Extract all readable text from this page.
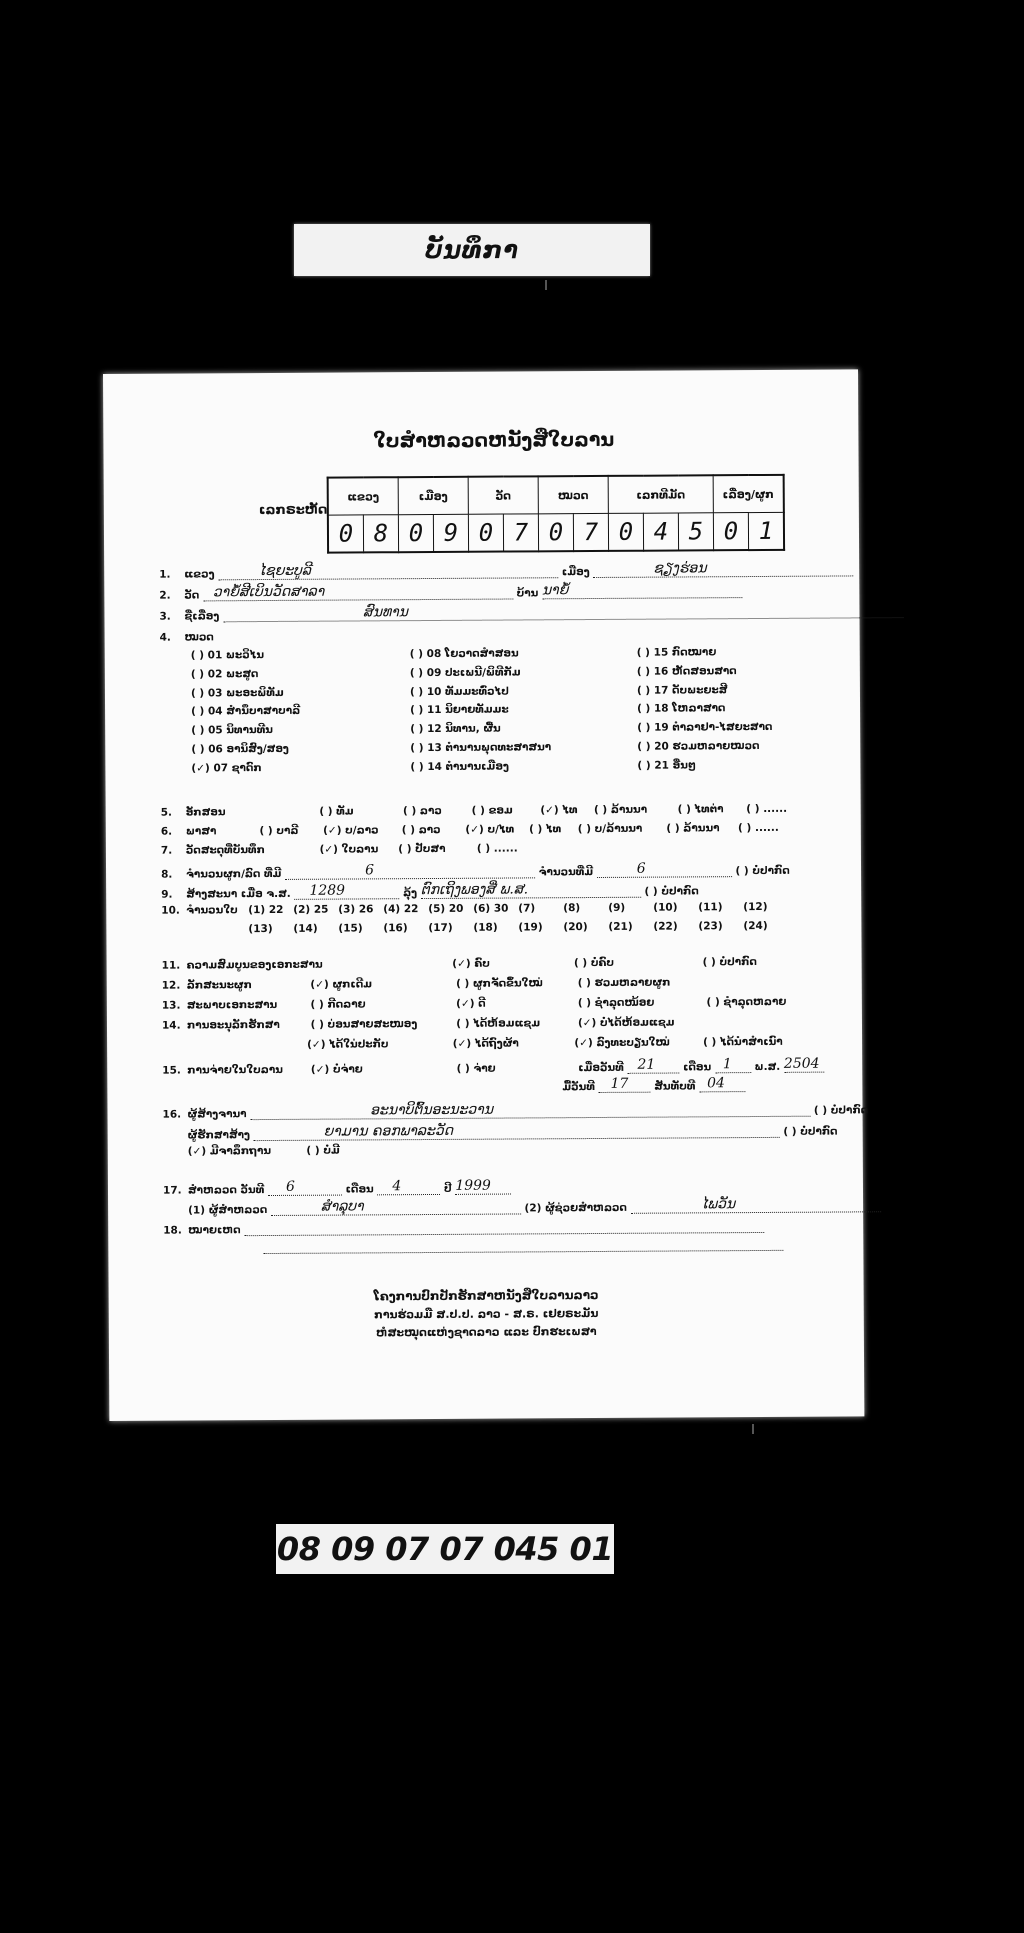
ບັນທຶກາ
ໃບສຳຫລວດຫນັງສືໃບລານ
ເລກຣະຫັດ
ແຂວງ		ເມືອງ		ວັດ		ໝວດ		ເລກທີມັດ			ເລື່ອງ/ຜູກ	
0	8	0	9	0	7	0	7	0	4	5	0	1
1. ແຂວງ	ໄຊຍະບູລີ	ເມືອງ	ຊຽງຮ່ອນ
2. ວັດ ວາຍໍ້ສີເບິນວັດສາລາ	ບ້ານ ນາຍໍ້
3. ຊື່ເລື່ອງ	ສົນທານ
4. ໝວດ
( ) 01 ພະວິໄນ	( ) 08 ໂຍວາດສຳສອນ	( ) 15 ກົດໝາຍ
( ) 02 ພະສູດ	( ) 09 ປະເພນີ/ພິທີກັມ	( ) 16 ຫັດສອນສາດ
( ) 03 ພະອະພິທັມ	( ) 10 ທັມມະທົ່ວໄປ	( ) 17 ດັບພະຍະສີ
( ) 04 ສຳນຶບາສາບາລີ	( ) 11 ນິຍາຍທັມມະ	( ) 18 ໂຫລາສາດ
( ) 05 ນິທານທີນ	( ) 12 ນິທານ, ຜື້ນ	( ) 19 ຕຳລາຢາ-ໄສຍະສາດ
( ) 06 ອານິສົງ/ສອງ	( ) 13 ຕຳນານພຸດທະສາສນາ	( ) 20 ຮວມຫລາຍໝວດ
(✓) 07 ຊາດົກ	( ) 14 ຕຳນານເມືອງ	( ) 21 ອື່ນໆ
5. ອັກສອນ	( ) ທັມ	( ) ລາວ	( ) ຂອມ	(✓) ໄທ ( ) ລ້ານນາ	( ) ໄທຕ່າ ( ) ......
6. ພາສາ	( ) ບາລີ (✓) ບ/ລາວ ( ) ລາວ (✓) ບ/ໄທ ( ) ໄທ ( ) ບ/ລ້ານນາ ( ) ລ້ານນາ ( ) ......
7. ວັດສະດຸທີ່ບັນທຶກ	(✓) ໃບລານ ( ) ປັບສາ	( ) ......
8. ຈຳນວນຜູກ/ລົດ ທີ່ມີ	6	ຈຳນວນທີ່ມີ	6	( ) ບໍ່ປາກົດ
9. ສ້າງສະນາ ເມື່ອ ຈ.ສ. 1289	ລຸ້ງ ຕົກເຖິງພອງສີ່ ພ.ສ.	( ) ບໍ່ປາກົດ
10. ຈຳນວນໃບ (1) 22 (2) 25 (3) 26 (4) 22 (5) 20 (6) 30 (7)	(8)	(9)	(10) (11) (12)
(13) (14) (15) (16) (17) (18) (19) (20) (21) (22) (23) (24)
11. ຄວາມສົມບູນຂອງເອກະສານ	(✓) ຄົບ	( ) ບໍ່ຄົບ	( ) ບໍ່ປາກົດ
12. ລັກສະນະຜູກ	(✓) ຜູກເດີມ	( ) ຜູກຈັດຂຶ້ນໃໝ່	( ) ຮວມຫລາຍຜູກ
13. ສະພາບເອກະສານ	( ) ກີດລາຍ	(✓) ດີ	( ) ຊຳລຸດໜ້ອຍ	( ) ຊຳລຸດຫລາຍ
14. ການອະນຸລັກຮັກສາ	( ) ບ່ອນສາຍສະໜອງ	( ) ໄດ້ຫ້ອມແຊມ	(✓) ບໍ່ໄດ້ຫ້ອມແຊມ
(✓) ໄດ້ໃນ່ປະກັບ	(✓) ໄດ້ຖົງຜ້າ	(✓) ລົງທະບຽນໃໝ່	( ) ໄດ້ນຳສຳເນົາ
15. ການຈ່າຍໃນໃບລານ	(✓) ບໍ່ຈ່າຍ	( ) ຈ່າຍ	ເມື່ອວັນທີ 21	ເດືອນ 1 ພ.ສ. 2504
ມື້ວັນທີ 17 ສັນທັບທີ 04
16. ຜູ້ສ້າງຈານາ	ອະນາບິຕົ້ນອະນະວານ	( ) ບໍ່ປາກົດ
ຜູ້ຮັກສາສ້າງ	ຍາມານ ຄອກພາລະວັດ	( ) ບໍ່ປາກົດ
(✓) ມີຈາລຶກຖານ	( ) ບໍ່ມີ
17. ສຳຫລວດ ວັນທີ 6	ເດືອນ 4	ປີ 1999
(1) ຜູ້ສຳຫລວດ	ສຳລຸບາ	(2) ຜູ້ຊ່ວຍສຳຫລວດ	ໄພວັນ
18. ໝາຍເຫດ
ໂຄງການປົກປັກຮັກສາຫນັງສືໃບລານລາວ
ການຮ່ວມມື ສ.ປ.ປ. ລາວ - ສ.ຣ. ເຢຍຣະມັນ
ຫໍສະໝຸດແຫ່ງຊາດລາວ ແລະ ປົກຮະເພສາ
08 09 07 07 045 01
